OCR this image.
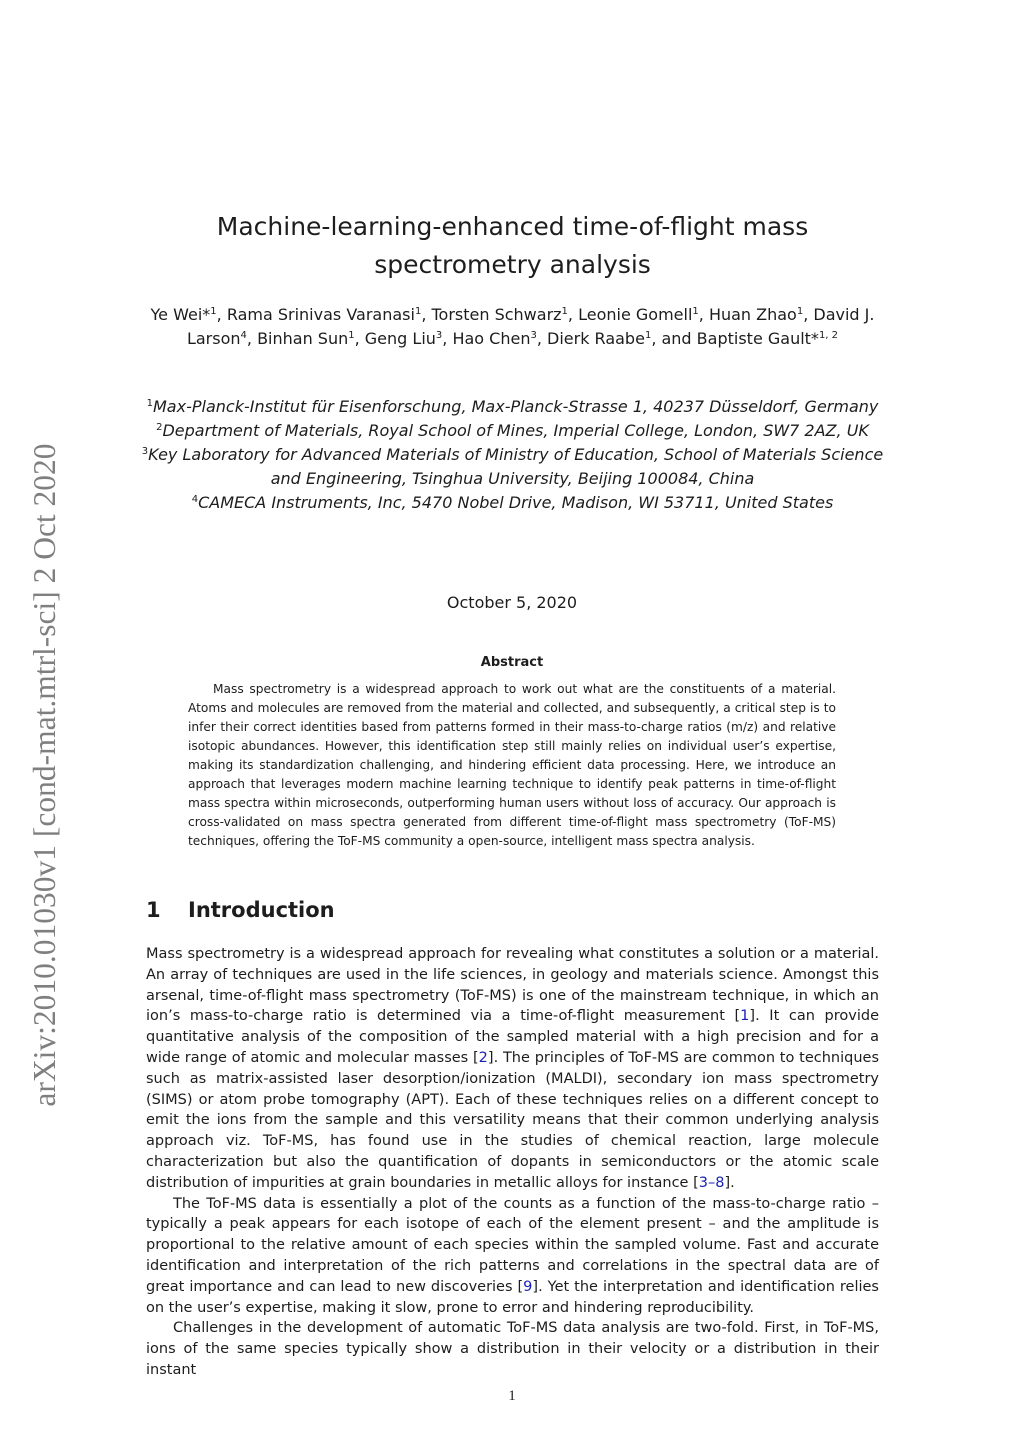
arXiv:2010.01030v1 [cond-mat.mtrl-sci] 2 Oct 2020
Machine-learning-enhanced time-of-flight mass spectrometry analysis
Ye Wei*$^1$, Rama Srinivas Varanasi$^1$, Torsten Schwarz$^1$, Leonie Gomell$^1$, Huan Zhao$^1$, David J. Larson$^4$, Binhan Sun$^1$, Geng Liu$^3$, Hao Chen$^3$, Dierk Raabe$^1$, and Baptiste Gault*$^{1, 2}$

$^1$Max-Planck-Institut für Eisenforschung, Max-Planck-Strasse 1, 40237 Düsseldorf, Germany

$^2$Department of Materials, Royal School of Mines, Imperial College, London, SW7 2AZ, UK

$^3$Key Laboratory for Advanced Materials of Ministry of Education, School of Materials Science and Engineering, Tsinghua University, Beijing 100084, China

$^4$CAMECA Instruments, Inc, 5470 Nobel Drive, Madison, WI 53711, United States

October 5, 2020
Abstract

Mass spectrometry is a widespread approach to work out what are the constituents of a material. Atoms and molecules are removed from the material and collected, and subsequently, a critical step is to infer their correct identities based from patterns formed in their mass-to-charge ratios (m/z) and relative isotopic abundances. However, this identification step still mainly relies on individual user’s expertise, making its standardization challenging, and hindering efficient data processing. Here, we introduce an approach that leverages modern machine learning technique to identify peak patterns in time-of-flight mass spectra within microseconds, outperforming human users without loss of accuracy. Our approach is cross-validated on mass spectra generated from different time-of-flight mass spectrometry (ToF-MS) techniques, offering the ToF-MS community a open-source, intelligent mass spectra analysis.

1 Introduction

Mass spectrometry is a widespread approach for revealing what constitutes a solution or a material. An array of techniques are used in the life sciences, in geology and materials science. Amongst this arsenal, time-of-flight mass spectrometry (ToF-MS) is one of the mainstream technique, in which an ion’s mass-to-charge ratio is determined via a time-of-flight measurement [1]. It can provide quantitative analysis of the composition of the sampled material with a high precision and for a wide range of atomic and molecular masses [2]. The principles of ToF-MS are common to techniques such as matrix-assisted laser desorption/ionization (MALDI), secondary ion mass spectrometry (SIMS) or atom probe tomography (APT). Each of these techniques relies on a different concept to emit the ions from the sample and this versatility means that their common underlying analysis approach viz. ToF-MS, has found use in the studies of chemical reaction, large molecule characterization but also the quantification of dopants in semiconductors or the atomic scale distribution of impurities at grain boundaries in metallic alloys for instance [3–8].

The ToF-MS data is essentially a plot of the counts as a function of the mass-to-charge ratio – typically a peak appears for each isotope of each of the element present – and the amplitude is proportional to the relative amount of each species within the sampled volume. Fast and accurate identification and interpretation of the rich patterns and correlations in the spectral data are of great importance and can lead to new discoveries [9]. Yet the interpretation and identification relies on the user’s expertise, making it slow, prone to error and hindering reproducibility.

Challenges in the development of automatic ToF-MS data analysis are two-fold. First, in ToF-MS, ions of the same species typically show a distribution in their velocity or a distribution in their instant

1
